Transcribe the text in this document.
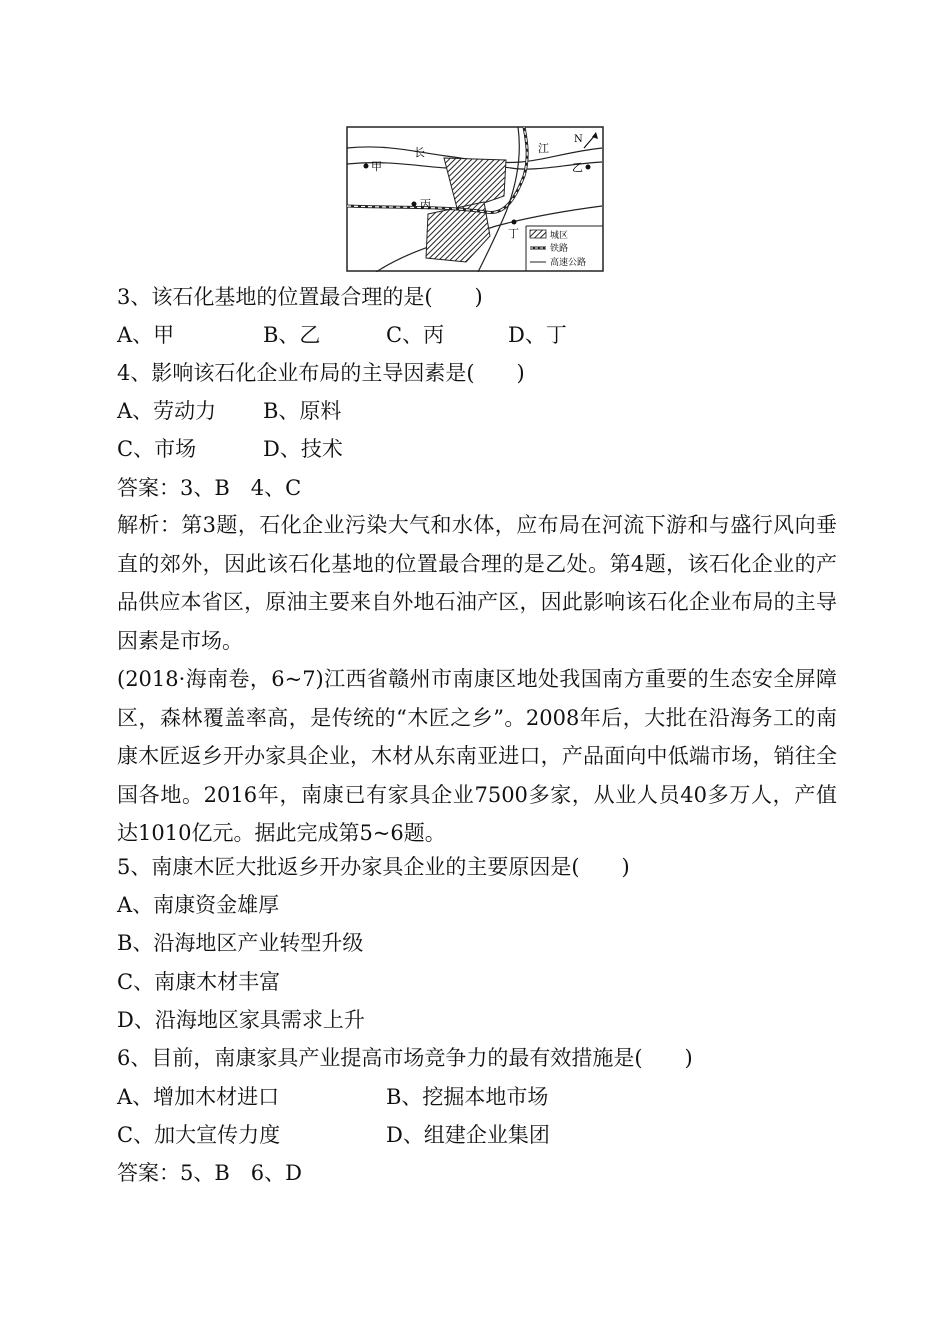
甲	乙
丙
丁
长	江
N
城区
铁路
高速公路
3、该石化基地的位置最合理的是(　　)
A、甲	B、乙	C、丙	D、丁
4、影响该石化企业布局的主导因素是(　　)
A、劳动力 B、原料
C、市场	D、技术
答案：3、B　4、C
解析：第3题，石化企业污染大气和水体，应布局在河流下游和与盛行风向垂直的郊外，因此该石化基地的位置最合理的是乙处。第4题，该石化企业的产品供应本省区，原油主要来自外地石油产区，因此影响该石化企业布局的主导因素是市场。
(2018·海南卷，6~7)江西省赣州市南康区地处我国南方重要的生态安全屏障区，森林覆盖率高，是传统的“木匠之乡”。2008年后，大批在沿海务工的南康木匠返乡开办家具企业，木材从东南亚进口，产品面向中低端市场，销往全国各地。2016年，南康已有家具企业7500多家，从业人员40多万人，产值达1010亿元。据此完成第5~6题。
5、南康木匠大批返乡开办家具企业的主要原因是(　　)
A、南康资金雄厚
B、沿海地区产业转型升级
C、南康木材丰富
D、沿海地区家具需求上升
6、目前，南康家具产业提高市场竞争力的最有效措施是(　　)
A、增加木材进口	B、挖掘本地市场
C、加大宣传力度	D、组建企业集团
答案：5、B　6、D
